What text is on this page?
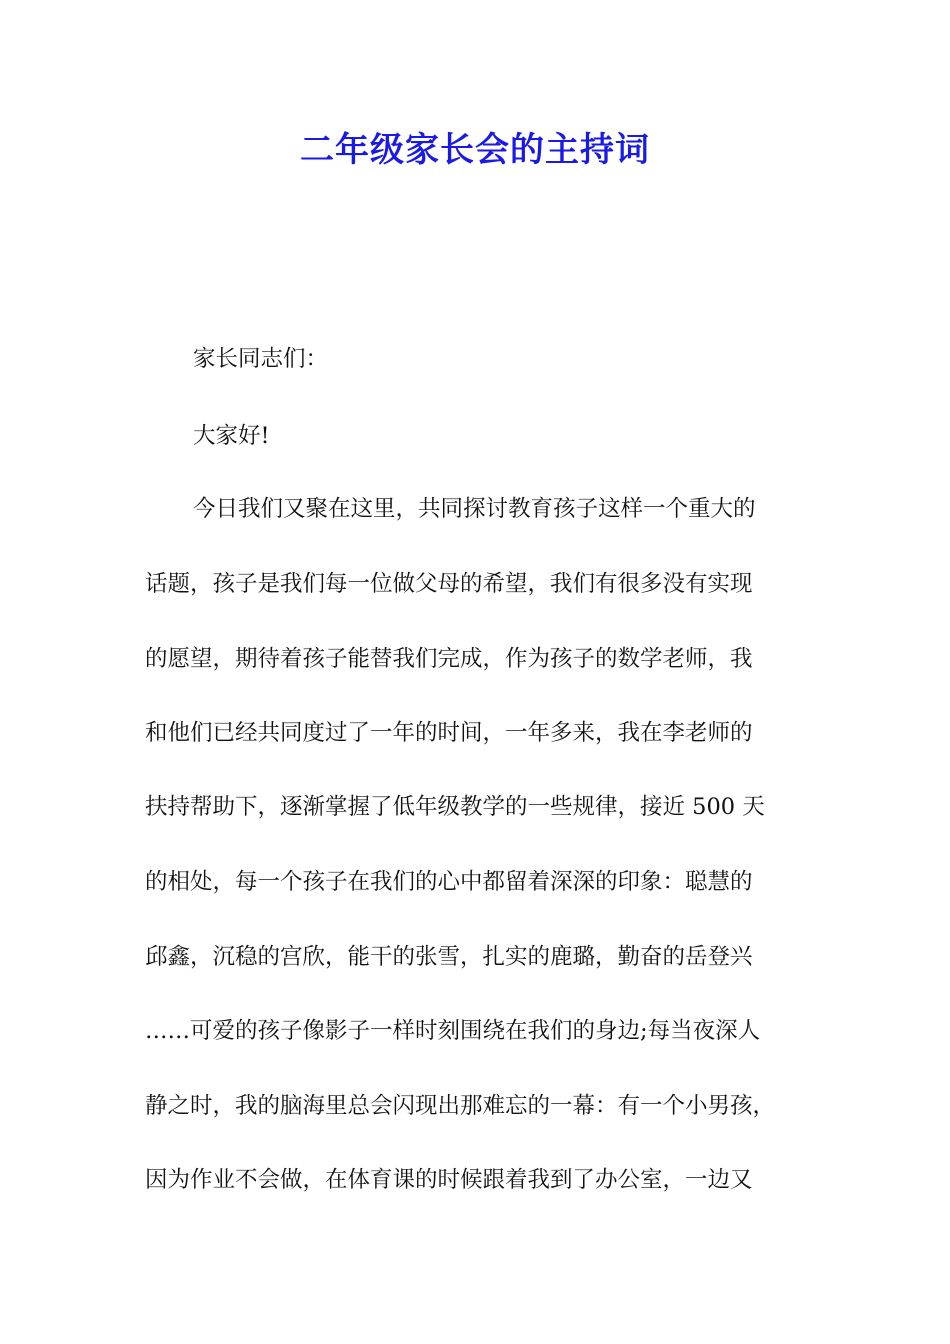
二年级家长会的主持词
家长同志们：
大家好!
今日我们又聚在这里，共同探讨教育孩子这样一个重大的
话题，孩子是我们每一位做父母的希望，我们有很多没有实现
的愿望，期待着孩子能替我们完成，作为孩子的数学老师，我
和他们已经共同度过了一年的时间，一年多来，我在李老师的
扶持帮助下，逐渐掌握了低年级教学的一些规律，接近 500 天
的相处，每一个孩子在我们的心中都留着深深的印象：聪慧的
邱鑫，沉稳的宫欣，能干的张雪，扎实的鹿璐，勤奋的岳登兴
……可爱的孩子像影子一样时刻围绕在我们的身边;每当夜深人
静之时，我的脑海里总会闪现出那难忘的一幕：有一个小男孩，
因为作业不会做，在体育课的时候跟着我到了办公室，一边又
